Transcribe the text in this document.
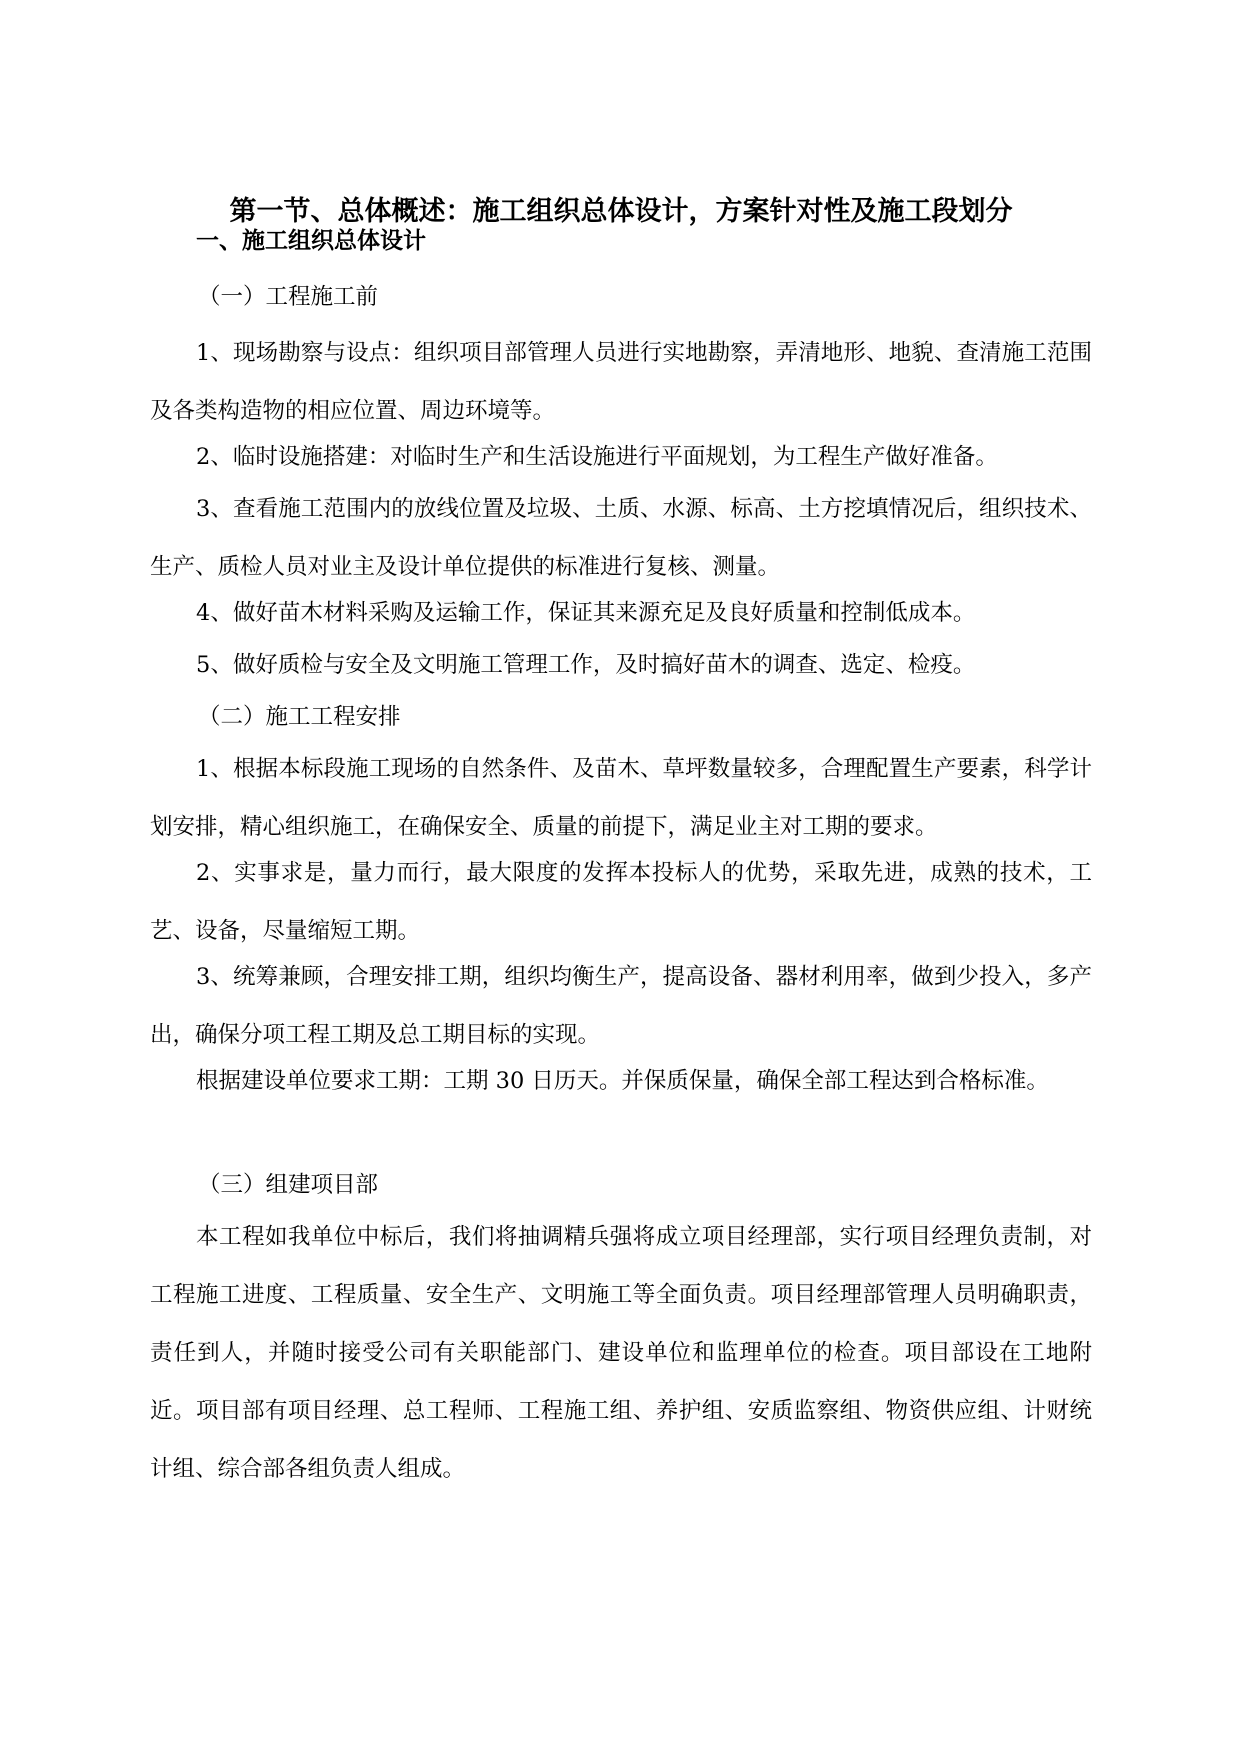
第一节、总体概述：施工组织总体设计，方案针对性及施工段划分

一、施工组织总体设计

（一）工程施工前

1、现场勘察与设点：组织项目部管理人员进行实地勘察，弄清地形、地貌、查清施工范围及各类构造物的相应位置、周边环境等。

2、临时设施搭建：对临时生产和生活设施进行平面规划，为工程生产做好准备。

3、查看施工范围内的放线位置及垃圾、土质、水源、标高、土方挖填情况后，组织技术、生产、质检人员对业主及设计单位提供的标准进行复核、测量。

4、做好苗木材料采购及运输工作，保证其来源充足及良好质量和控制低成本。

5、做好质检与安全及文明施工管理工作，及时搞好苗木的调查、选定、检疫。

（二）施工工程安排

1、根据本标段施工现场的自然条件、及苗木、草坪数量较多，合理配置生产要素，科学计划安排，精心组织施工，在确保安全、质量的前提下，满足业主对工期的要求。

2、实事求是，量力而行，最大限度的发挥本投标人的优势，采取先进，成熟的技术，工艺、设备，尽量缩短工期。

3、统筹兼顾，合理安排工期，组织均衡生产，提高设备、器材利用率，做到少投入，多产出，确保分项工程工期及总工期目标的实现。

根据建设单位要求工期：工期 30 日历天。并保质保量，确保全部工程达到合格标准。

（三）组建项目部

本工程如我单位中标后，我们将抽调精兵强将成立项目经理部，实行项目经理负责制，对工程施工进度、工程质量、安全生产、文明施工等全面负责。项目经理部管理人员明确职责，责任到人，并随时接受公司有关职能部门、建设单位和监理单位的检查。项目部设在工地附近。项目部有项目经理、总工程师、工程施工组、养护组、安质监察组、物资供应组、计财统计组、综合部各组负责人组成。
